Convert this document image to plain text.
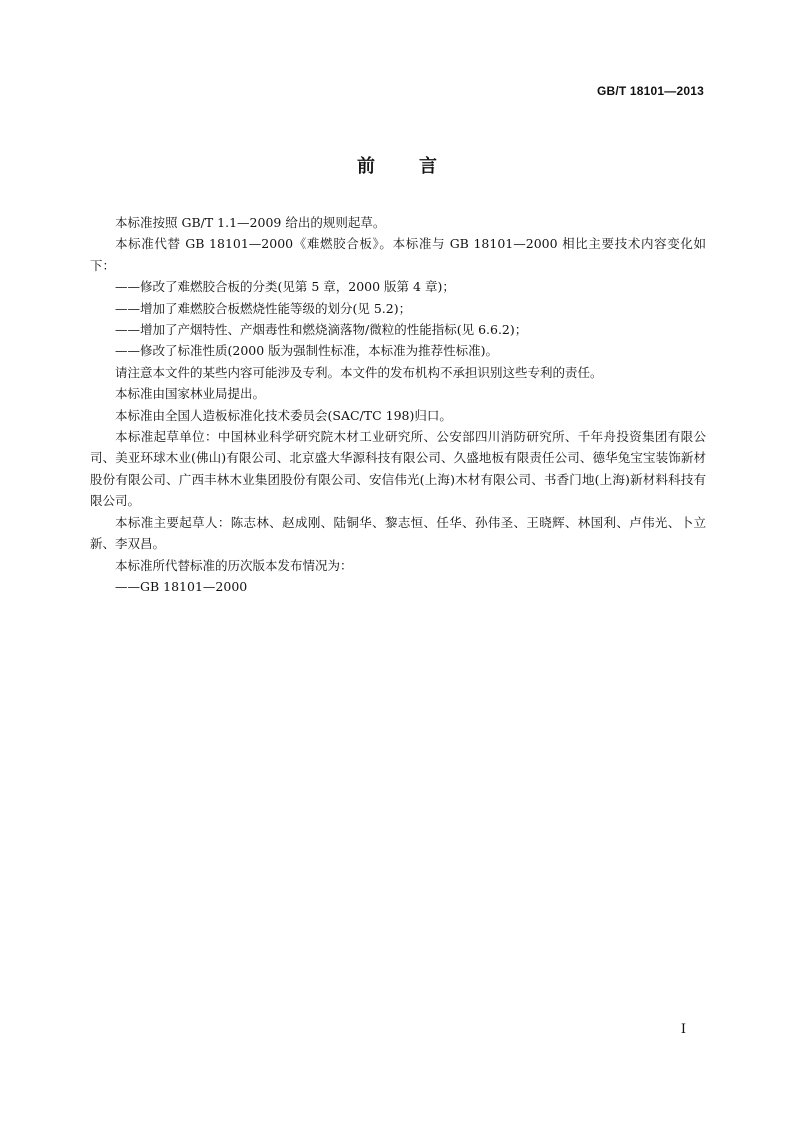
GB/T 18101—2013
前 言

本标准按照 GB/T 1.1—2009 给出的规则起草。

本标准代替 GB 18101—2000《难燃胶合板》。本标准与 GB 18101—2000 相比主要技术内容变化如下：

——修改了难燃胶合板的分类(见第 5 章，2000 版第 4 章)；

——增加了难燃胶合板燃烧性能等级的划分(见 5.2)；

——增加了产烟特性、产烟毒性和燃烧滴落物/微粒的性能指标(见 6.6.2)；

——修改了标准性质(2000 版为强制性标准，本标准为推荐性标准)。

请注意本文件的某些内容可能涉及专利。本文件的发布机构不承担识别这些专利的责任。

本标准由国家林业局提出。

本标准由全国人造板标准化技术委员会(SAC/TC 198)归口。

本标准起草单位：中国林业科学研究院木材工业研究所、公安部四川消防研究所、千年舟投资集团有限公司、美亚环球木业(佛山)有限公司、北京盛大华源科技有限公司、久盛地板有限责任公司、德华兔宝宝装饰新材股份有限公司、广西丰林木业集团股份有限公司、安信伟光(上海)木材有限公司、书香门地(上海)新材料科技有限公司。

本标准主要起草人：陈志林、赵成刚、陆铜华、黎志恒、任华、孙伟圣、王晓辉、林国利、卢伟光、卜立新、李双昌。

本标准所代替标准的历次版本发布情况为：

——GB 18101—2000

I
